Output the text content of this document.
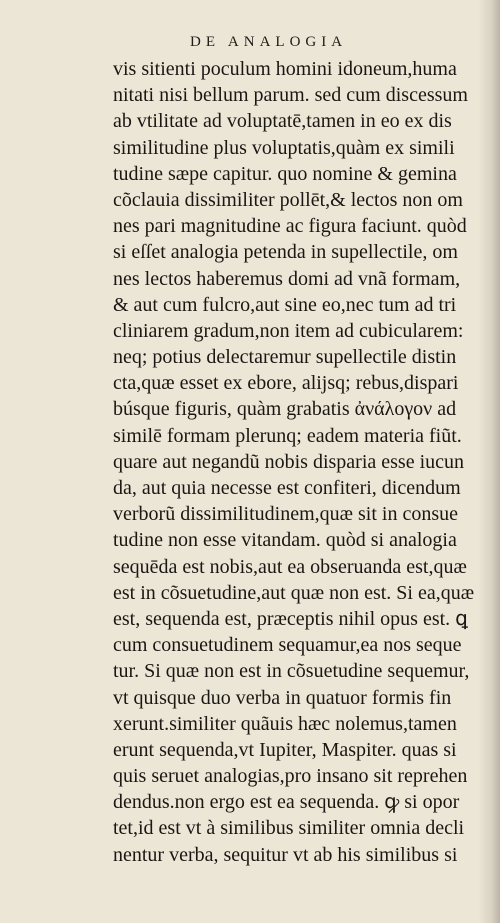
DE ANALOGIA
vis sitienti poculum homini idoneum,huma
nitati nisi bellum parum. sed cum discessum
ab vtilitate ad voluptatē,tamen in eo ex dis
similitudine plus voluptatis,quàm ex simili
tudine sæpe capitur. quo nomine & gemina
cõclauia dissimiliter pollēt,& lectos non om
nes pari magnitudine ac figura faciunt. quòd
si eſſet analogia petenda in supellectile, om
nes lectos haberemus domi ad vnã formam,
& aut cum fulcro,aut sine eo,nec tum ad tri
cliniarem gradum,non item ad cubicularem:
neq; potius delectaremur supellectile distin
cta,quæ esset ex ebore, alijsq; rebus,dispari
búsque figuris, quàm grabatis ἀνάλογον ad
similē formam plerunq; eadem materia fiũt.
quare aut negandũ nobis disparia esse iucun
da, aut quia necesse est confiteri, dicendum
verborũ dissimilitudinem,quæ sit in consue
tudine non esse vitandam. quòd si analogia
sequēda est nobis,aut ea obseruanda est,quæ
est in cõsuetudine,aut quæ non est. Si ea,quæ
est, sequenda est, præceptis nihil opus est. ꝗ
cum consuetudinem sequamur,ea nos seque
tur. Si quæ non est in cõsuetudine sequemur,
vt quisque duo verba in quatuor formis fin
xerunt.similiter quãuis hæc nolemus,tamen
erunt sequenda,vt Iupiter, Maspiter. quas si
quis seruet analogias,pro insano sit reprehen
dendus.non ergo est ea sequenda. ꝙ si opor
tet,id est vt à similibus similiter omnia decli
nentur verba, sequitur vt ab his similibus si
